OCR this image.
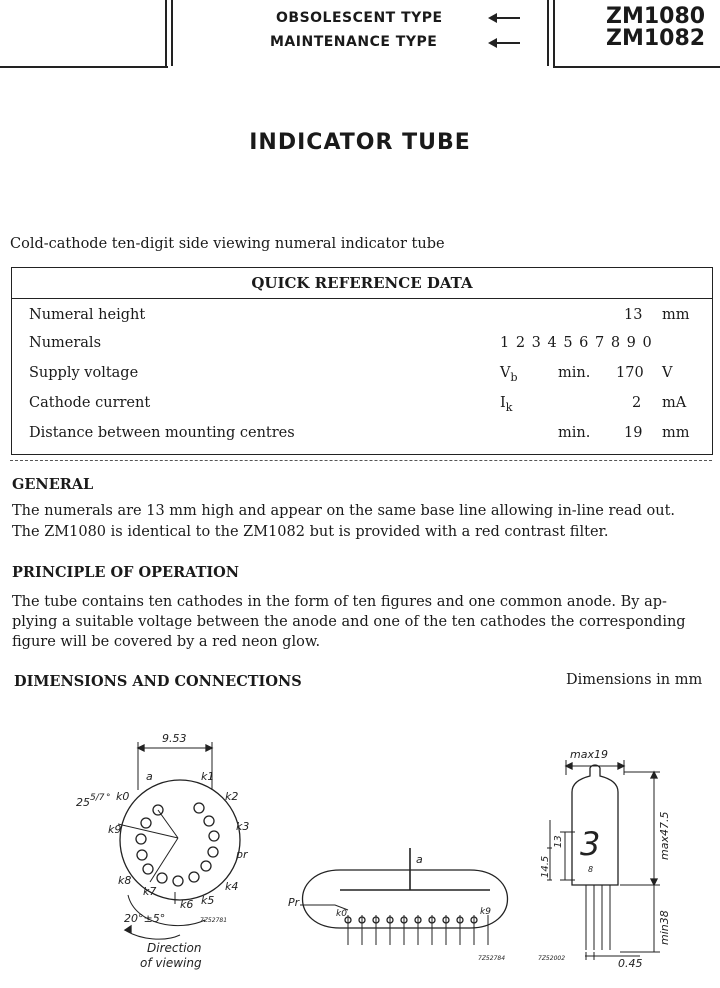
OBSOLESCENT TYPE
MAINTENANCE TYPE
ZM1080
ZM1082
INDICATOR TUBE
Cold-cathode ten-digit side viewing numeral indicator tube
QUICK REFERENCE DATA
Numeral height	13 mm
Numerals	1 2 3 4 5 6 7 8 9 0
Supply voltage	$V_b$	min. 170 V
Cathode current	$I_k$	2 mA
Distance between mounting centres	min. 19 mm
GENERAL
The numerals are 13 mm high and appear on the same base line allowing in-line read out.
The ZM1080 is identical to the ZM1082 but is provided with a red contrast filter.
PRINCIPLE OF OPERATION
The tube contains ten cathodes in the form of ten figures and one common anode. By ap-
plying a suitable voltage between the anode and one of the ten cathodes the corresponding
figure will be covered by a red neon glow.
DIMENSIONS AND CONNECTIONS	Dimensions in mm
9.53
a	k1
k2
k3
pr
k4
k5
k6
k7
k8
k9
k0
25 5/7 °
20°±5°	7Z52781
Direction
of viewing
a
Pr
k0	k9
7Z52784
max19
3
8
13
14.5
max47.5
min38
0.45
7Z52002
